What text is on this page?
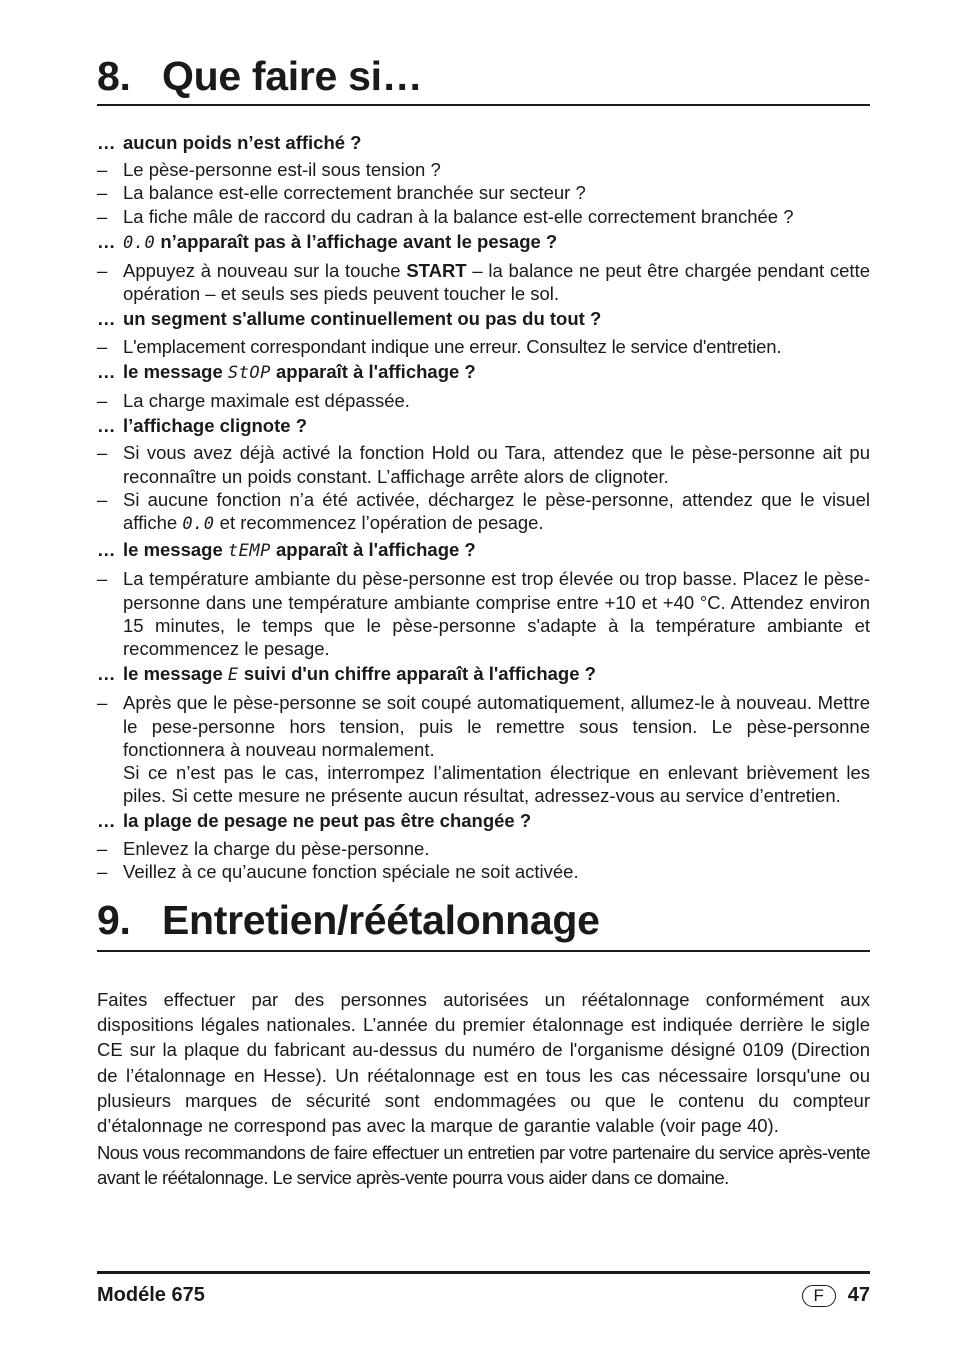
8. Que faire si…

… aucun poids n’est affiché ?

– Le pèse-personne est-il sous tension ?

– La balance est-elle correctement branchée sur secteur ?

– La fiche mâle de raccord du cadran à la balance est-elle correctement branchée ?

… 0.0 n’apparaît pas à l’affichage avant le pesage ?

– Appuyez à nouveau sur la touche START – la balance ne peut être chargée pendant cette opération – et seuls ses pieds peuvent toucher le sol.

… un segment s'allume continuellement ou pas du tout ?

– L'emplacement correspondant indique une erreur. Consultez le service d'entretien.

… le message StOP apparaît à l'affichage ?

– La charge maximale est dépassée.

… l’affichage clignote ?

– Si vous avez déjà activé la fonction Hold ou Tara, attendez que le pèse-personne ait pu reconnaître un poids constant. L’affichage arrête alors de clignoter.

– Si aucune fonction n’a été activée, déchargez le pèse-personne, attendez que le visuel affiche 0.0 et recommencez l’opération de pesage.

… le message tEMP apparaît à l'affichage ?

– La température ambiante du pèse-personne est trop élevée ou trop basse. Placez le pèse-personne dans une température ambiante comprise entre +10 et +40 °C. Attendez environ 15 minutes, le temps que le pèse-personne s'adapte à la température ambiante et recommencez le pesage.

… le message E suivi d'un chiffre apparaît à l'affichage ?

– Après que le pèse-personne se soit coupé automatiquement, allumez-le à nouveau. Mettre le pese-personne hors tension, puis le remettre sous tension. Le pèse-personne fonctionnera à nouveau normalement.
Si ce n’est pas le cas, interrompez l’alimentation électrique en enlevant brièvement les piles. Si cette mesure ne présente aucun résultat, adressez-vous au service d’entretien.

… la plage de pesage ne peut pas être changée ?

– Enlevez la charge du pèse-personne.

– Veillez à ce qu’aucune fonction spéciale ne soit activée.

9. Entretien/réétalonnage

Faites effectuer par des personnes autorisées un réétalonnage conformément aux dispositions légales nationales. L’année du premier étalonnage est indiquée derrière le sigle CE sur la plaque du fabricant au-dessus du numéro de l'organisme désigné 0109 (Direction de l’étalonnage en Hesse). Un réétalonnage est en tous les cas nécessaire lorsqu'une ou plusieurs marques de sécurité sont endommagées ou que le contenu du compteur d’étalonnage ne correspond pas avec la marque de garantie valable (voir page 40).

Nous vous recommandons de faire effectuer un entretien par votre partenaire du service après-vente avant le réétalonnage. Le service après-vente pourra vous aider dans ce domaine.

Modéle 675	F	47
